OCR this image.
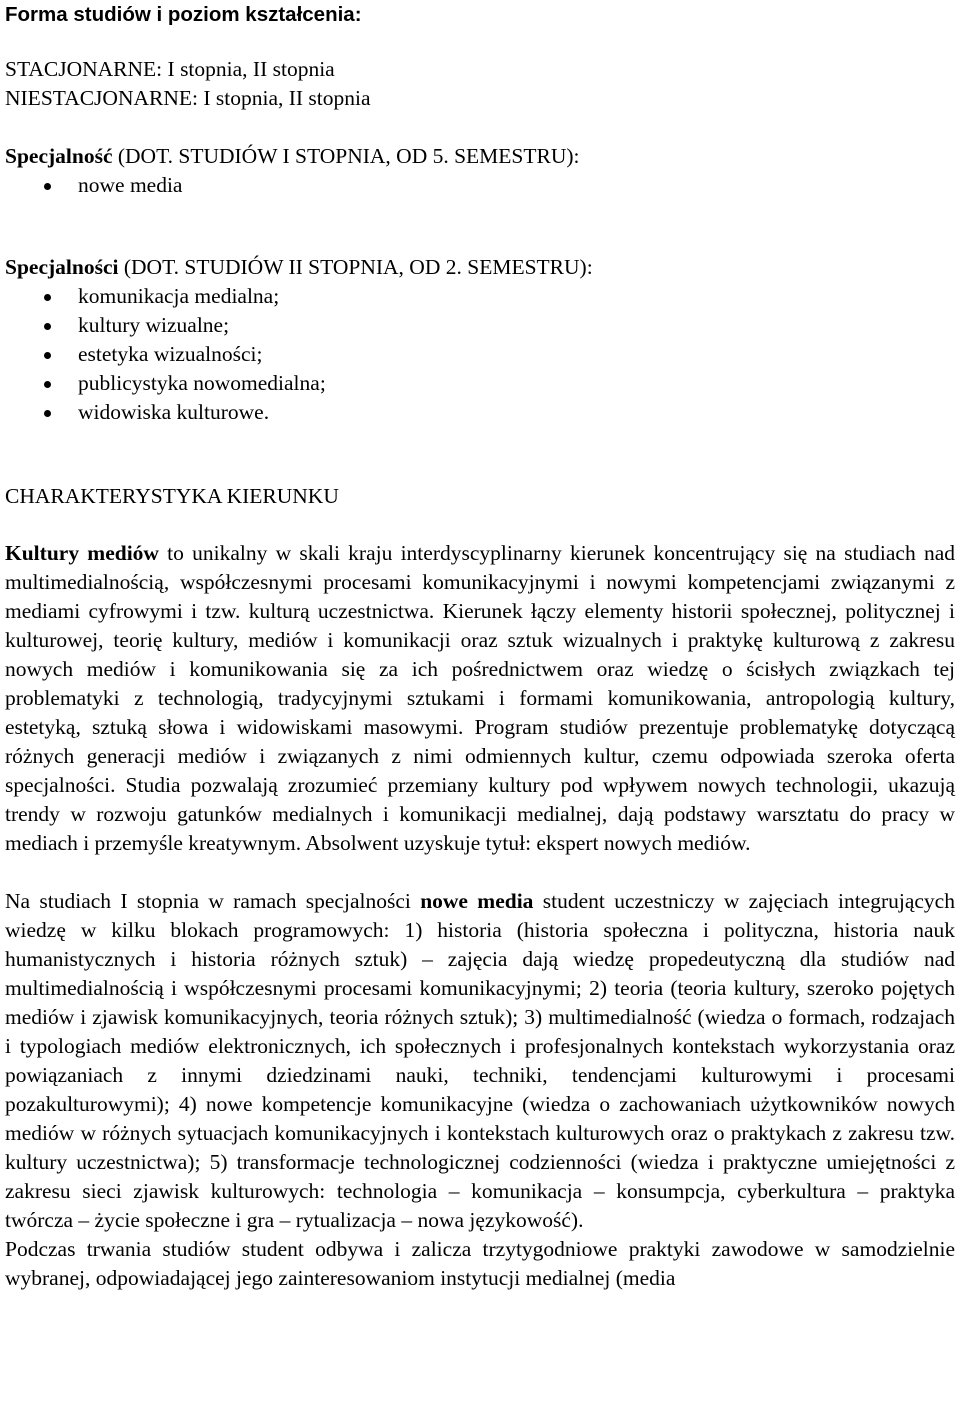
Forma studiów i poziom kształcenia:

STACJONARNE: I stopnia, II stopnia
NIESTACJONARNE: I stopnia, II stopnia
Specjalność (DOT. STUDIÓW I STOPNIA, OD 5. SEMESTRU):
nowe media
Specjalności (DOT. STUDIÓW II STOPNIA, OD 2. SEMESTRU):
komunikacja medialna;
kultury wizualne;
estetyka wizualności;
publicystyka nowomedialna;
widowiska kulturowe.

CHARAKTERYSTYKA KIERUNKU

Kultury mediów to unikalny w skali kraju interdyscyplinarny kierunek koncentrujący się na studiach nad multimedialnością, współczesnymi procesami komunikacyjnymi i nowymi kompetencjami związanymi z mediami cyfrowymi i tzw. kulturą uczestnictwa. Kierunek łączy elementy historii społecznej, politycznej i kulturowej, teorię kultury, mediów i komunikacji oraz sztuk wizualnych i praktykę kulturową z zakresu nowych mediów i komunikowania się za ich pośrednictwem oraz wiedzę o ścisłych związkach tej problematyki z technologią, tradycyjnymi sztukami i formami komunikowania, antropologią kultury, estetyką, sztuką słowa i widowiskami masowymi. Program studiów prezentuje problematykę dotyczącą różnych generacji mediów i związanych z nimi odmiennych kultur, czemu odpowiada szeroka oferta specjalności. Studia pozwalają zrozumieć przemiany kultury pod wpływem nowych technologii, ukazują trendy w rozwoju gatunków medialnych i komunikacji medialnej, dają podstawy warsztatu do pracy w mediach i przemyśle kreatywnym. Absolwent uzyskuje tytuł: ekspert nowych mediów.

Na studiach I stopnia w ramach specjalności nowe media student uczestniczy w zajęciach integrujących wiedzę w kilku blokach programowych: 1) historia (historia społeczna i polityczna, historia nauk humanistycznych i historia różnych sztuk) – zajęcia dają wiedzę propedeutyczną dla studiów nad multimedialnością i współczesnymi procesami komunikacyjnymi; 2) teoria (teoria kultury, szeroko pojętych mediów i zjawisk komunikacyjnych, teoria różnych sztuk); 3) multimedialność (wiedza o formach, rodzajach i typologiach mediów elektronicznych, ich społecznych i profesjonalnych kontekstach wykorzystania oraz powiązaniach z innymi dziedzinami nauki, techniki, tendencjami kulturowymi i procesami pozakulturowymi); 4) nowe kompetencje komunikacyjne (wiedza o zachowaniach użytkowników nowych mediów w różnych sytuacjach komunikacyjnych i kontekstach kulturowych oraz o praktykach z zakresu tzw. kultury uczestnictwa); 5) transformacje technologicznej codzienności (wiedza i praktyczne umiejętności z zakresu sieci zjawisk kulturowych: technologia – komunikacja – konsumpcja, cyberkultura – praktyka twórcza – życie społeczne i gra – rytualizacja – nowa językowość).

Podczas trwania studiów student odbywa i zalicza trzytygodniowe praktyki zawodowe w samodzielnie wybranej, odpowiadającej jego zainteresowaniom instytucji medialnej (media
